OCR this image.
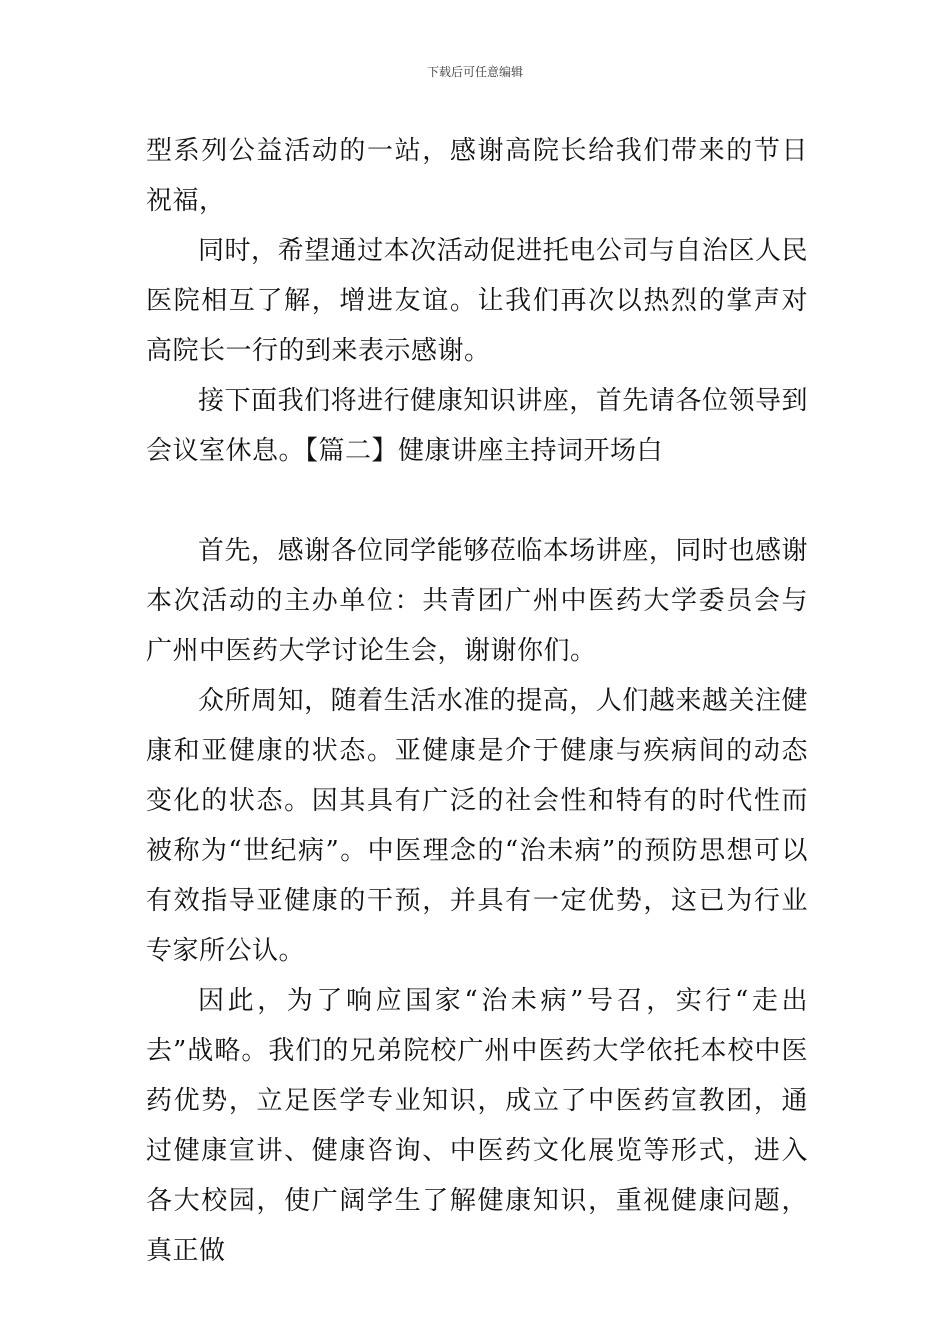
下载后可任意编辑

型系列公益活动的一站，感谢高院长给我们带来的节日祝福，

同时，希望通过本次活动促进托电公司与自治区人民医院相互了解，增进友谊。让我们再次以热烈的掌声对高院长一行的到来表示感谢。

接下面我们将进行健康知识讲座，首先请各位领导到会议室休息。【篇二】健康讲座主持词开场白

首先，感谢各位同学能够莅临本场讲座，同时也感谢本次活动的主办单位：共青团广州中医药大学委员会与广州中医药大学讨论生会，谢谢你们。

众所周知，随着生活水准的提高，人们越来越关注健康和亚健康的状态。亚健康是介于健康与疾病间的动态变化的状态。因其具有广泛的社会性和特有的时代性而被称为“世纪病”。中医理念的“治未病”的预防思想可以有效指导亚健康的干预，并具有一定优势，这已为行业专家所公认。

因此，为了响应国家“治未病”号召，实行“走出去”战略。我们的兄弟院校广州中医药大学依托本校中医药优势，立足医学专业知识，成立了中医药宣教团，通过健康宣讲、健康咨询、中医药文化展览等形式，进入各大校园，使广阔学生了解健康知识，重视健康问题，真正做
